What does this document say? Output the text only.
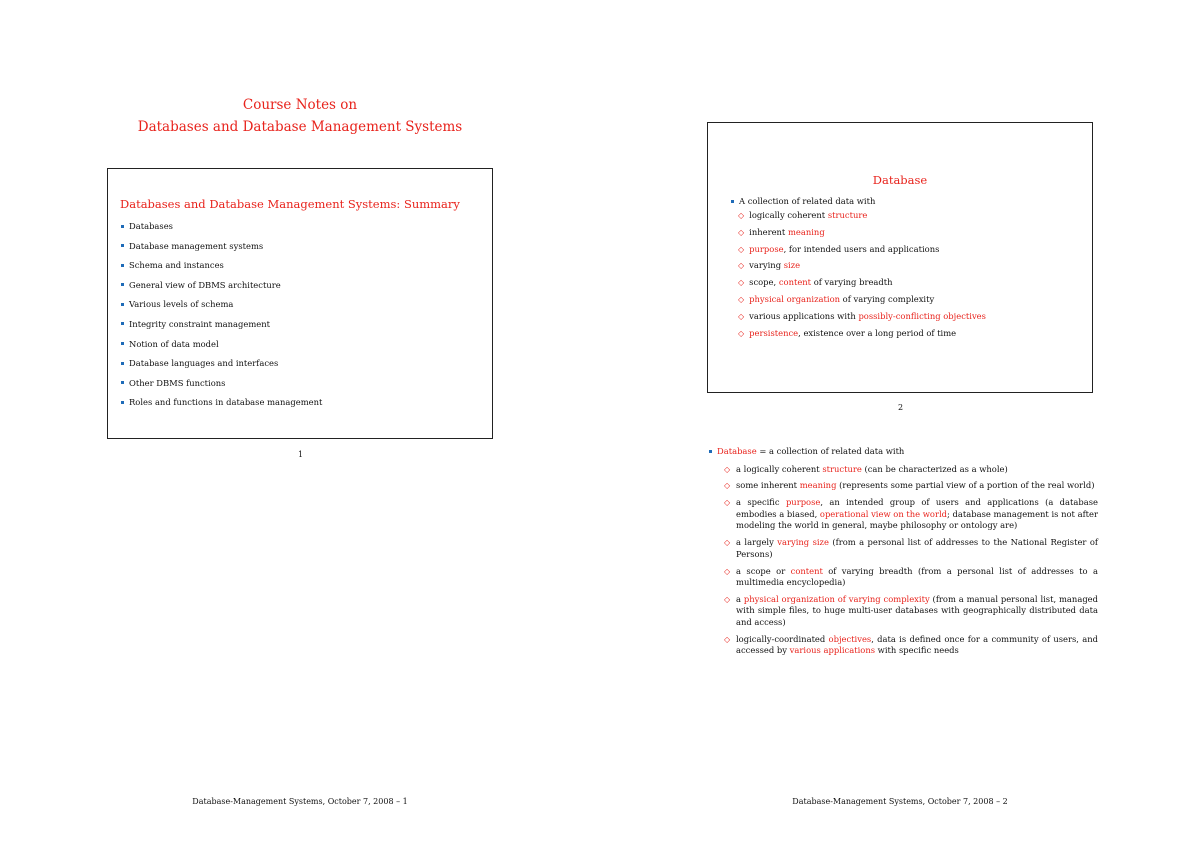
Course Notes on
Databases and Database Management Systems
Databases and Database Management Systems: Summary
Databases
Database management systems
Schema and instances
General view of DBMS architecture
Various levels of schema
Integrity constraint management
Notion of data model
Database languages and interfaces
Other DBMS functions
Roles and functions in database management
1
Database-Management Systems, October 7, 2008 – 1
Database
A collection of related data with
◇ logically coherent structure
◇ inherent meaning
◇ purpose, for intended users and applications
◇ varying size
◇ scope, content of varying breadth
◇ physical organization of varying complexity
◇ various applications with possibly-conflicting objectives
◇ persistence, existence over a long period of time
2
Database = a collection of related data with
◇ a logically coherent structure (can be characterized as a whole)
◇ some inherent meaning (represents some partial view of a portion of the real world)
◇ a specific purpose, an intended group of users and applications (a database embodies a biased, operational view on the world; database management is not after modeling the world in general, maybe philosophy or ontology are)
◇ a largely varying size (from a personal list of addresses to the National Register of Persons)
◇ a scope or content of varying breadth (from a personal list of addresses to a multimedia encyclopedia)
◇ a physical organization of varying complexity (from a manual personal list, managed with simple files, to huge multi-user databases with geographically distributed data and access)
◇ logically-coordinated objectives, data is defined once for a community of users, and accessed by various applications with specific needs
Database-Management Systems, October 7, 2008 – 2
